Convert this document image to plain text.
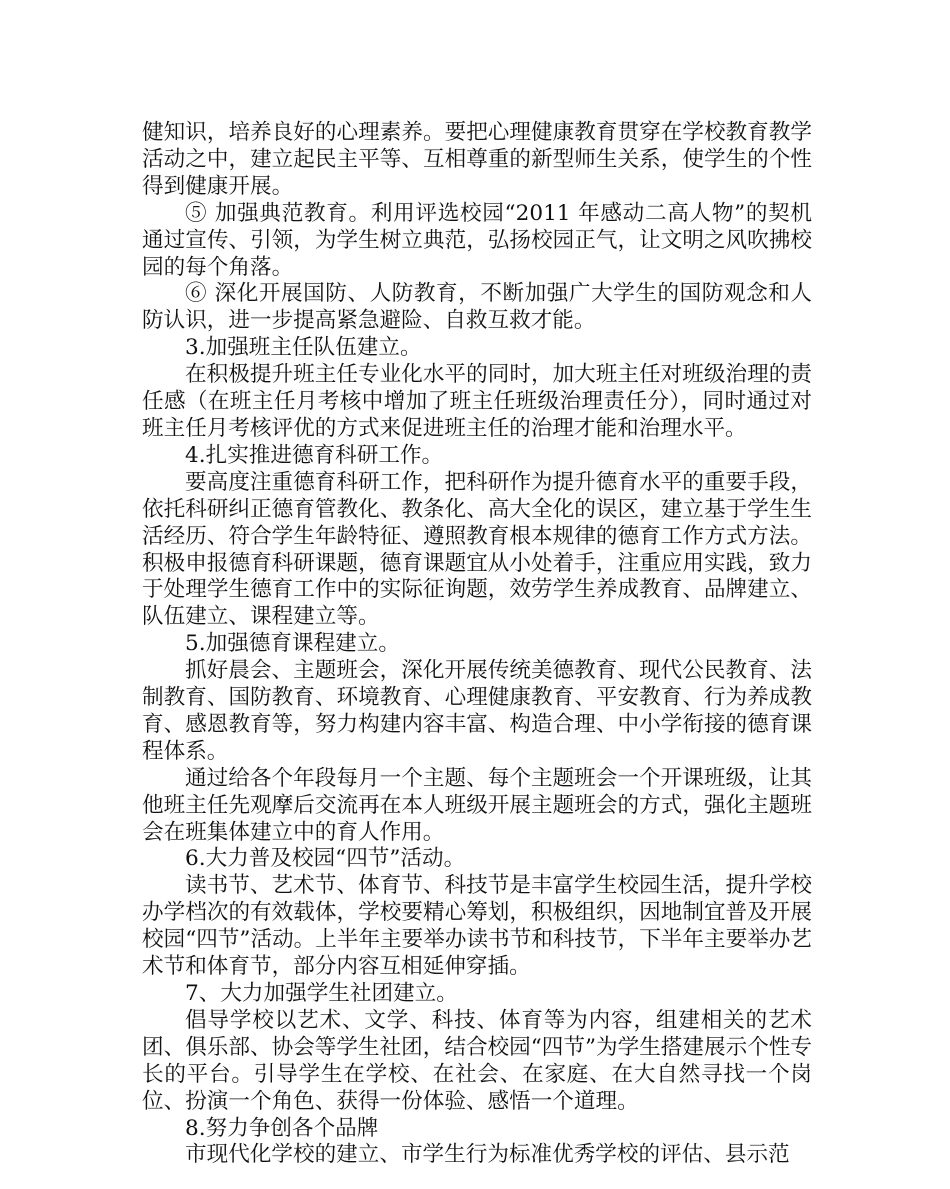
健知识，培养良好的心理素养。要把心理健康教育贯穿在学校教育教学活动之中，建立起民主平等、互相尊重的新型师生关系，使学生的个性得到健康开展。

⑤ 加强典范教育。利用评选校园“2011 年感动二高人物”的契机通过宣传、引领，为学生树立典范，弘扬校园正气，让文明之风吹拂校园的每个角落。

⑥ 深化开展国防、人防教育，不断加强广大学生的国防观念和人防认识，进一步提高紧急避险、自救互救才能。

3.加强班主任队伍建立。

在积极提升班主任专业化水平的同时，加大班主任对班级治理的责任感（在班主任月考核中增加了班主任班级治理责任分），同时通过对班主任月考核评优的方式来促进班主任的治理才能和治理水平。

4.扎实推进德育科研工作。

要高度注重德育科研工作，把科研作为提升德育水平的重要手段，依托科研纠正德育管教化、教条化、高大全化的误区，建立基于学生生活经历、符合学生年龄特征、遵照教育根本规律的德育工作方式方法。积极申报德育科研课题，德育课题宜从小处着手，注重应用实践，致力于处理学生德育工作中的实际征询题，效劳学生养成教育、品牌建立、队伍建立、课程建立等。

5.加强德育课程建立。

抓好晨会、主题班会，深化开展传统美德教育、现代公民教育、法制教育、国防教育、环境教育、心理健康教育、平安教育、行为养成教育、感恩教育等，努力构建内容丰富、构造合理、中小学衔接的德育课程体系。

通过给各个年段每月一个主题、每个主题班会一个开课班级，让其他班主任先观摩后交流再在本人班级开展主题班会的方式，强化主题班会在班集体建立中的育人作用。

6.大力普及校园“四节”活动。

读书节、艺术节、体育节、科技节是丰富学生校园生活，提升学校办学档次的有效载体，学校要精心筹划，积极组织，因地制宜普及开展校园“四节”活动。上半年主要举办读书节和科技节，下半年主要举办艺术节和体育节，部分内容互相延伸穿插。

7、大力加强学生社团建立。

倡导学校以艺术、文学、科技、体育等为内容，组建相关的艺术团、俱乐部、协会等学生社团，结合校园“四节”为学生搭建展示个性专长的平台。引导学生在学校、在社会、在家庭、在大自然寻找一个岗位、扮演一个角色、获得一份体验、感悟一个道理。

8.努力争创各个品牌

市现代化学校的建立、市学生行为标准优秀学校的评估、县示范
